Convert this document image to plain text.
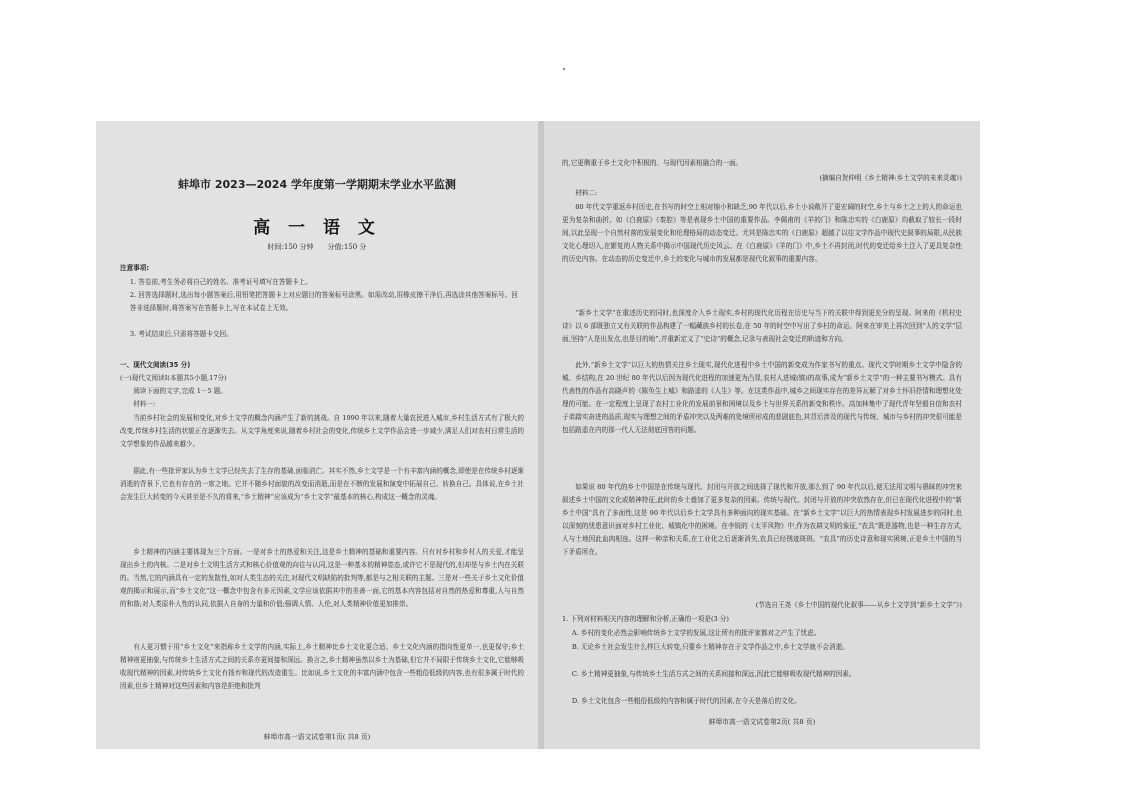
蚌埠市 2023—2024 学年度第一学期期末学业水平监测
高 一 语 文
时间:150 分钟　　分值:150 分

注意事项:

1. 答卷前,考生务必将自己的姓名、准考证号填写在答题卡上。

2. 回答选择题时,选出每小题答案后,用铅笔把答题卡上对应题目的答案标号涂黑。如需改动,用橡皮擦干净后,再选涂其他答案标号。回答非选择题时,将答案写在答题卡上,写在本试卷上无效。

3. 考试结束后,只需将答题卡交回。

一、现代文阅读(35 分)

(一)现代文阅读Ⅰ(本题共5小题,17分)

阅读下面的文字,完成 1－5 题。

材料一:

当前乡村社会的发展和变化,对乡土文学的概念内涵产生了新的挑战。自 1990 年以来,随着大量农民进入城市,乡村生活方式有了极大的改变,传统乡村生活的状貌正在逐渐失去。从文学角度来说,随着乡村社会的变化,传统乡土文学作品会进一步减少,满足人们对农村日常生活的文学想象的作品越来越少。

据此,有一些批评家认为乡土文学已经失去了生存的基础,面临消亡。其实不然,乡土文学是一个有丰富内涵的概念,即使是在传统乡村逐渐消逝的背景下,它也有存在的一席之地。它并不随乡村面貌的改变而消逝,而是在不断的发展和演变中拓展自己、转换自己。具体说,在乡土社会发生巨大转变的今天甚至是不久的将来,“乡土精神”应该成为“乡土文学”最基本的核心,构成这一概念的灵魂。

乡土精神的内涵主要体现为三个方面。一是对乡土的热爱和关注,这是乡土精神的基础和重要内容。只有对乡村和乡村人的关爱,才能呈现出乡土的内核。二是对乡土文明生活方式和核心价值观的向往与认同,这是一种基本的精神姿态,或许它不是现代的,但却是与乡土内在关联的。当然,它的内涵具有一定的发散性,如对人类生态的关注,对现代文明缺陷的批判等,都是与之相关联的主题。三是对一些关于乡土文化价值观的揭示和展示,而“乡土文化”这一概念中包含有多元因素,文学应该依据其中的美善一面,它的基本内容包括对自然的热爱和尊重,人与自然的和谐;对人类原朴人性的认同,依据人自身的力量和价值;强调人情、人伦,对人类精神价值更加推崇。

有人更习惯于用“乡土文化”来指称乡土文学的内涵,实际上,乡土精神比乡土文化更合适。乡土文化内涵的指向性更单一,也更保守;乡土精神则更抽象,与传统乡土生活方式之间的关系亦更间接和深远。换言之,乡土精神虽然以乡土为基础,但它并不局限于传统乡土文化,它能够吸收现代精神的因素,对传统乡土文化有扬弃和现代的改造重生。比如说,乡土文化的丰富内涵中包含一些粗俗低级的内容,也有很多属于时代的因素,但乡土精神对这些因素和内容是拒绝和批判

蚌埠市高一语文试卷第1页( 共8 页)

的,它更侧重于乡土文化中积极的、与现代因素相融合的一面。

(摘编自贺仲明《乡土精神:乡土文学的未来灵魂》)

材料二:

80 年代文学重返乡村历史,在书写的时空上相对缩小和缺乏,90 年代以后,乡土小说敞开了更宏阔的时空,乡土与乡土之上的人的命运也更为复杂和曲折。如《白鹿原》《秦腔》等是表现乡土中国的重要作品。李佩甫的《羊的门》和陈忠实的《白鹿原》均截取了较长一段时间,以此呈现一个自然村落的发展变化和伦理格局的动态变迁。尤其是陈忠实的《白鹿原》超越了以往文学作品中现代史叙事的局限,从民族文化心理切入,在繁复的人物关系中揭示中国现代历史风云。在《白鹿原》《羊的门》中,乡土不再封闭,时代的变迁给乡土注入了更具复杂性的历史内容。在动态的历史变迁中,乡土的变化与城市的发展都是现代化叙事的重要内容。

“新乡土文学”在重述历史的同时,也深度介入乡土现实,乡村的现代化历程在历史与当下的关联中得到更充分的呈现。阿来的《机村史诗》以 6 部既独立又有关联的作品构建了一幅藏族乡村的长卷,在 50 年的时空中写出了乡村的命运。阿来在审美上再次回到“人的文学”层面,坚持“人是出发点,也是目的地”,并重新定义了“史诗”的概念,记录与表现社会变迁的轨迹和方向。

此外,“新乡土文学”以巨大的热情关注乡土现实,现代化进程中乡土中国的新变成为作家书写的重点。现代文学时期乡土文学中隐含的城、乡结构,在 20 世纪 80 年代以后因为现代化进程的加速更为凸显,农村人进城(镇)的故事,成为“新乡土文学”的一种主要书写模式。具有代表性的作品有高晓声的《陈奂生上城》和路遥的《人生》等。在这类作品中,城乡之间现实存在的差异瓦解了对乡土怀旧抒情和理想化处理的可能。在一定程度上呈现了农村工业化的发展前景和困境以及乡土与世界关系的新变和秩序。高加林集中了现代青年坚毅自信和农村子弟踏实奋进的品质,现实与理想之间的矛盾冲突以及两难的处境所形成的悲剧底色,其背后涉及的现代与传统、城市与乡村的冲突很可能是包括路遥在内的那一代人无法彻底回答的问题。

如果说 80 年代的乡土中国是在传统与现代、封闭与开放之间选择了现代和开放,那么到了 90 年代以后,便无法用文明与愚昧的冲突来叙述乡土中国的文化或精神特征,此时的乡土叠加了更多复杂的因素。传统与现代、封闭与开放的冲突依然存在,但已在现代化进程中的“新乡土中国”具有了多面性,这是 90 年代以后乡土文学具有多种面向的现实基础。在“新乡土文学”以巨大的热情表现乡村发展进步的同时,也以深刻的忧患意识面对乡村工业化、城镇化中的困境。在李锐的《太平风物》中,作为农耕文明的象征,“农具”既是器物,也是一种生存方式,人与土地因此血肉相连。这样一种亲和关系,在工业化之后逐渐消失,农具已经锈迹斑斑。“农具”的历史诗意和现实困境,正是乡土中国的当下矛盾所在。

(节选自王尧《乡土中国的现代化叙事——从乡土文学到“新乡土文学”》)

1. 下列对材料相关内容的理解和分析,正确的一项是(3 分)

A. 乡村的变化必然会影响传统乡土文学的发展,这让所有的批评家都对之产生了忧虑。

B. 无论乡土社会发生什么样巨大转变,只要乡土精神存在于文学作品之中,乡土文学就不会消逝。

C. 乡土精神更抽象,与传统乡土生活方式之间的关系间接和深远,因此它能够吸收现代精神的因素。

D. 乡土文化包含一些粗俗低级的内容和属于时代的因素,在今天是落后的文化。

蚌埠市高一语文试卷第2页( 共8 页)
